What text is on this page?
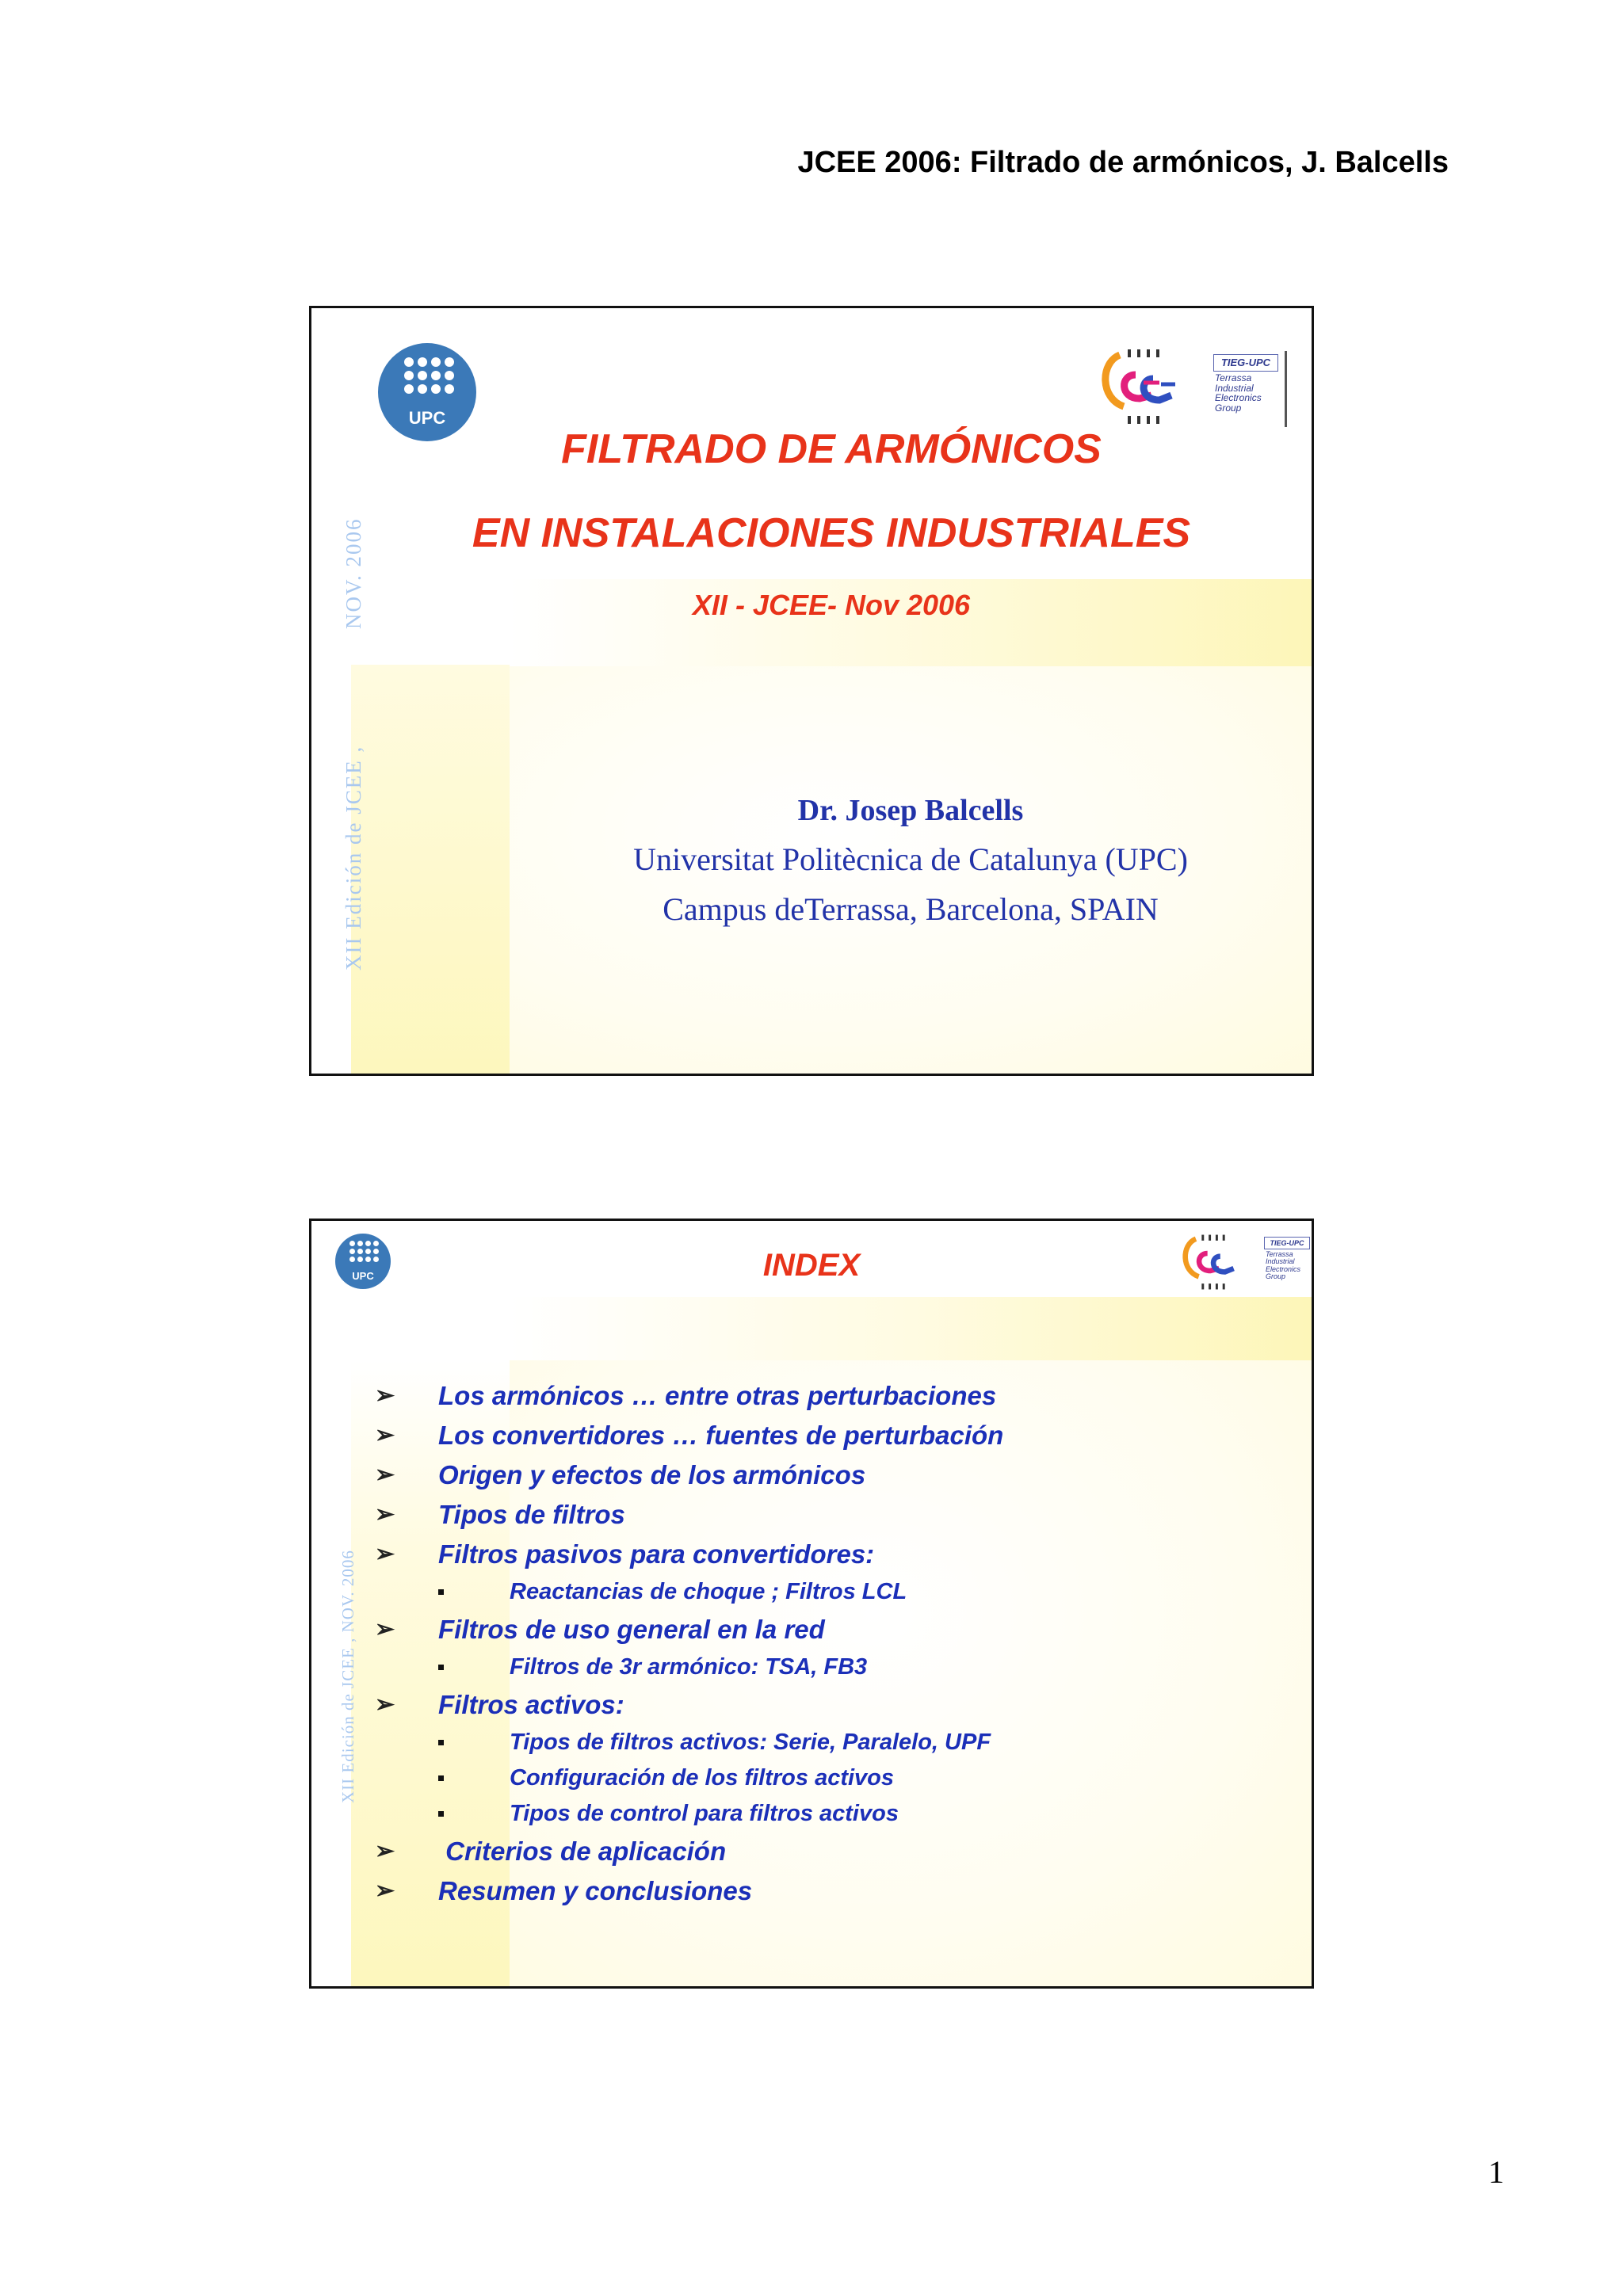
JCEE 2006: Filtrado de armónicos, J. Balcells
NOV. 2006
XII Edición de JCEE ,
UPC
TIEG-UPC
Terrassa
Industrial
Electronics
Group
FILTRADO DE ARMÓNICOS
EN INSTALACIONES INDUSTRIALES
XII - JCEE- Nov 2006
Dr. Josep Balcells
Universitat Politècnica de Catalunya (UPC)
Campus deTerrassa, Barcelona, SPAIN
XII Edición de JCEE , NOV. 2006
UPC
TIEG-UPC
Terrassa
Industrial
Electronics
Group
INDEX
➢ Los armónicos … entre otras perturbaciones
➢ Los convertidores … fuentes de perturbación
➢ Origen y efectos de los armónicos
➢ Tipos de filtros
➢ Filtros pasivos para convertidores:
Reactancias de choque ; Filtros LCL
➢ Filtros de uso general en la red
Filtros de 3r armónico: TSA, FB3
➢ Filtros activos:
Tipos de filtros activos: Serie, Paralelo, UPF
Configuración de los filtros activos
Tipos de control para filtros activos
➢ Criterios de aplicación
➢ Resumen y conclusiones
1
